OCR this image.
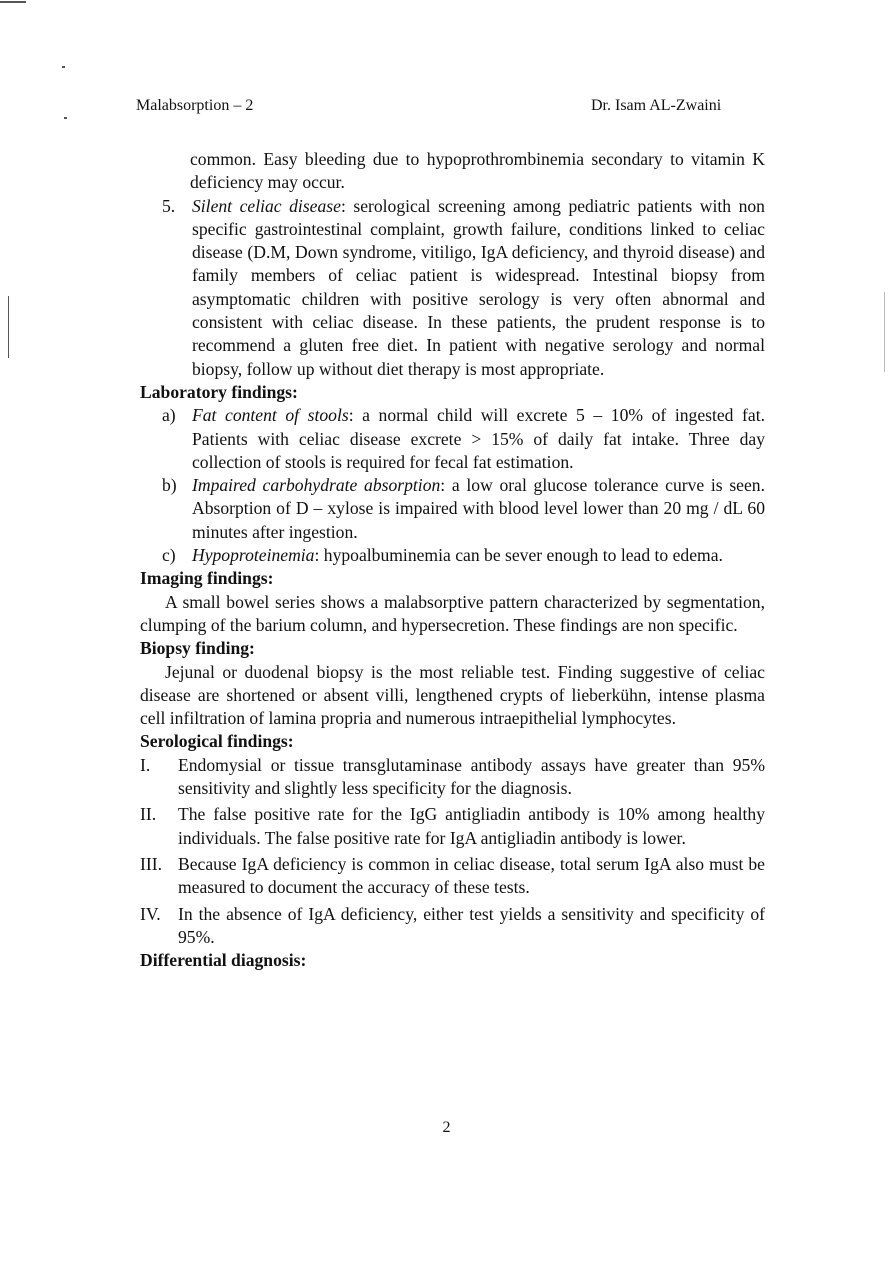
Malabsorption – 2	Dr. Isam AL-Zwaini

common. Easy bleeding due to hypoprothrombinemia secondary to vitamin K deficiency may occur.

5. Silent celiac disease: serological screening among pediatric patients with non specific gastrointestinal complaint, growth failure, conditions linked to celiac disease (D.M, Down syndrome, vitiligo, IgA deficiency, and thyroid disease) and family members of celiac patient is widespread. Intestinal biopsy from asymptomatic children with positive serology is very often abnormal and consistent with celiac disease. In these patients, the prudent response is to recommend a gluten free diet. In patient with negative serology and normal biopsy, follow up without diet therapy is most appropriate.

Laboratory findings:

a) Fat content of stools: a normal child will excrete 5 – 10% of ingested fat. Patients with celiac disease excrete > 15% of daily fat intake. Three day collection of stools is required for fecal fat estimation.
b) Impaired carbohydrate absorption: a low oral glucose tolerance curve is seen. Absorption of D – xylose is impaired with blood level lower than 20 mg / dL 60 minutes after ingestion.
c) Hypoproteinemia: hypoalbuminemia can be sever enough to lead to edema.

Imaging findings:

A small bowel series shows a malabsorptive pattern characterized by segmentation, clumping of the barium column, and hypersecretion. These findings are non specific.

Biopsy finding:

Jejunal or duodenal biopsy is the most reliable test. Finding suggestive of celiac disease are shortened or absent villi, lengthened crypts of lieberkühn, intense plasma cell infiltration of lamina propria and numerous intraepithelial lymphocytes.

Serological findings:

I.	Endomysial or tissue transglutaminase antibody assays have greater than 95% sensitivity and slightly less specificity for the diagnosis.
II.	The false positive rate for the IgG antigliadin antibody is 10% among healthy individuals. The false positive rate for IgA antigliadin antibody is lower.
III. Because IgA deficiency is common in celiac disease, total serum IgA also must be measured to document the accuracy of these tests.
IV. In the absence of IgA deficiency, either test yields a sensitivity and specificity of 95%.

Differential diagnosis:

2
